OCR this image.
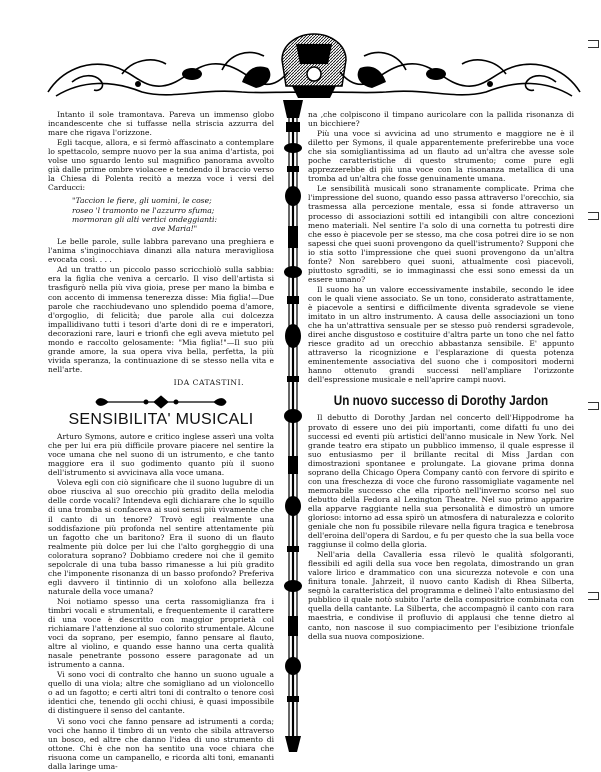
Intanto il sole tramontava. Pareva un immenso globo incandescente che si tuffasse nella striscia azzurra del mare che rigava l'orizzone.

Egli tacque, allora, e si fermò affascinato a contemplare lo spettacolo, sempre nuovo per la sua anima d'artista, poi volse uno sguardo lento sul magnifico panorama avvolto già dalle prime ombre violacee e tendendo il braccio verso la Chiesa di Polenta recitò a mezza voce i versi del Carducci:

"Taccion le fiere, gli uomini, le cose;
roseo 'l tramonto ne l'azzurro sfuma;
mormoran gli alti vertici ondeggianti:
ave Maria!"

Le belle parole, sulle labbra parevano una preghiera e l'anima s'inginocchiava dinanzi alla natura meravigliosa evocata così. . . .

Ad un tratto un piccolo passo scricchiolò sulla sabbia: era la figlia che veniva a cercarlo. Il viso dell'artista si trasfigurò nella più viva gioia, prese per mano la bimba e con accento di immensa tenerezza disse: Mia figlia!—Due parole che racchiudevano uno splendido poema d'amore, d'orgoglio, di felicità; due parole alla cui dolcezza impallidivano tutti i tesori d'arte doni di re e imperatori, decorazioni rare, lauri e trionfi che egli aveva mietuto pel mondo e raccolto gelosamente: "Mia figlia!"—Il suo più grande amore, la sua opera viva bella, perfetta, la più vivida speranza, la continuazione di se stesso nella vita e nell'arte.

IDA CATASTINI.
SENSIBILITA' MUSICALI

Arturo Symons, autore e critico inglese asserì una volta che per lui era più difficile provare piacere nel sentire la voce umana che nel suono di un istrumento, e che tanto maggiore era il suo godimento quanto più il suono dell'istrumento si avvicinava alla voce umana.

Voleva egli con ciò significare che il suono lugubre di un oboe riusciva al suo orecchio più gradito della melodia delle corde vocali? Intendeva egli dichiarare che lo squillo di una tromba si confaceva ai suoi sensi più vivamente che il canto di un tenore? Trovò egli realmente una soddisfazione più profonda nel sentire attentamente più un fagotto che un baritono? Era il suono di un flauto realmente più dolce per lui che l'alto gorgheggio di una coloratura soprano? Dobbiamo credere noi che il gemito sepolcrale di una tuba basso rimanesse a lui più gradito che l'imponente risonanza di un basso profondo? Preferiva egli davvero il tintinnio di un xolofono alla bellezza naturale della voce umana?

Noi notiamo spesso una certa rassomiglianza fra i timbri vocali e strumentali, e frequentemente il carattere di una voce è descritto con maggior proprietà col richiamare l'attenzione al suo colorito strumentale. Alcune voci da soprano, per esempio, fanno pensare al flauto, altre al violino, e quando esse hanno una certa qualità nasale penetrante possono essere paragonate ad un istrumento a canna.

Vi sono voci di contralto che hanno un suono uguale a quello di una viola; altre che somigliano ad un violoncello o ad un fagotto; e certi altri toni di contralto o tenore così identici che, tenendo gli occhi chiusi, è quasi impossibile di distinguere il senso del cantante.

Vi sono voci che fanno pensare ad istrumenti a corda; voci che hanno il timbro di un vento che sibila attraverso un bosco, ed altre che danno l'idea di uno strumento di ottone. Chi è che non ha sentito una voce chiara che risuona come un campanello, e ricorda alti toni, emananti dalla laringe uma-

na ,che colpiscono il timpano auricolare con la pallida risonanza di un bicchiere?

Più una voce si avvicina ad uno strumento e maggiore ne è il diletto per Symons, il quale apparentemente preferirebbe una voce che sia somigliantissima ad un flauto ad un'altra che avesse sole poche caratteristiche di questo strumento; come pure egli apprezzerebbe di più una voce con la risonanza metallica di una tromba ad un'altra che fosse genuinamente umana.

Le sensibilità musicali sono stranamente complicate. Prima che l'impressione del suono, quando esso passa attraverso l'orecchio, sia trasmessa alla percezione mentale, essa si fonde attraverso un processo di associazioni sottili ed intangibili con altre concezioni meno materiali. Nel sentire l'a solo di una cornetta tu potresti dire che esso è piacevole per se stesso, ma che cosa potrei dire io se non sapessi che quei suoni provengono da quell'istrumento? Supponi che io stia sotto l'impressione che quei suoni provengono da un'altra fonte? Non sarebbero quei suoni, attualmente così piacevoli, piuttosto sgraditi, se io immaginassi che essi sono emessi da un essere umano?

Il suono ha un valore eccessivamente instabile, secondo le idee con le quali viene associato. Se un tono, considerato astrattamente, è piacevole a sentirsi e difficilmente diventa sgradevole se viene imitato in un altro instrumento. A causa delle associazioni un tono che ha un'attrattiva sensuale per se stesso può rendersi sgradevole, direi anche disgustoso e costituire d'altra parte un tono che nel fatto riesce gradito ad un orecchio abbastanza sensibile. E' appunto attraverso la ricognizione e l'esplarazione di questa potenza eminentemente associativa del suono che i compositori moderni hanno ottenuto grandi successi nell'ampliare l'orizzonte dell'espressione musicale e nell'aprire campi nuovi.

Un nuovo successo di Dorothy Jardon

Il debutto di Dorothy Jardan nel concerto dell'Hippodrome ha provato di essere uno dei più importanti, come difatti fu uno dei successi ed eventi più artistici dell'anno musicale in New York. Nel grande teatro era stipato un pubblico immenso, il quale espresse il suo entusiasmo per il brillante recital di Miss Jardan con dimostrazioni spontanee e prolungate. La giovane prima donna soprano della Chicago Opera Company cantò con fervore di spirito e con una freschezza di voce che furono rassomigliate vagamente nel memorabile successo che ella riportò nell'inverno scorso nel suo debutto della Fedora al Lexington Theatre. Nel suo primo apparire ella apparve raggiante nella sua personalità e dimostrò un umore glorioso: intorno ad essa spirò un atmosfera di naturalezza e colorito geniale che non fu possibile rilevare nella figura tragica e tenebrosa dell'eroina dell'opera di Sardou, e fu per questo che la sua bella voce raggiunse il colmo della gloria.

Nell'aria della Cavalleria essa rilevò le qualità sfolgoranti, flessibili ed agili della sua voce ben regolata, dimostrando un gran valore lirico e drammatico con una sicurezza notevole e con una finitura tonale. Jahrzeit, il nuovo canto Kadish di Rhea Silberta, segnò la caratteristica del programma e delineò l'alto entusiasmo del pubblico il quale notò subito l'arte della compositrice combinata con quella della cantante. La Silberta, che accompagnò il canto con rara maestria, e condivise il profluvio di applausi che tenne dietro al canto, non nascose il suo compiacimento per l'esibizione trionfale della sua nuova composizione.
